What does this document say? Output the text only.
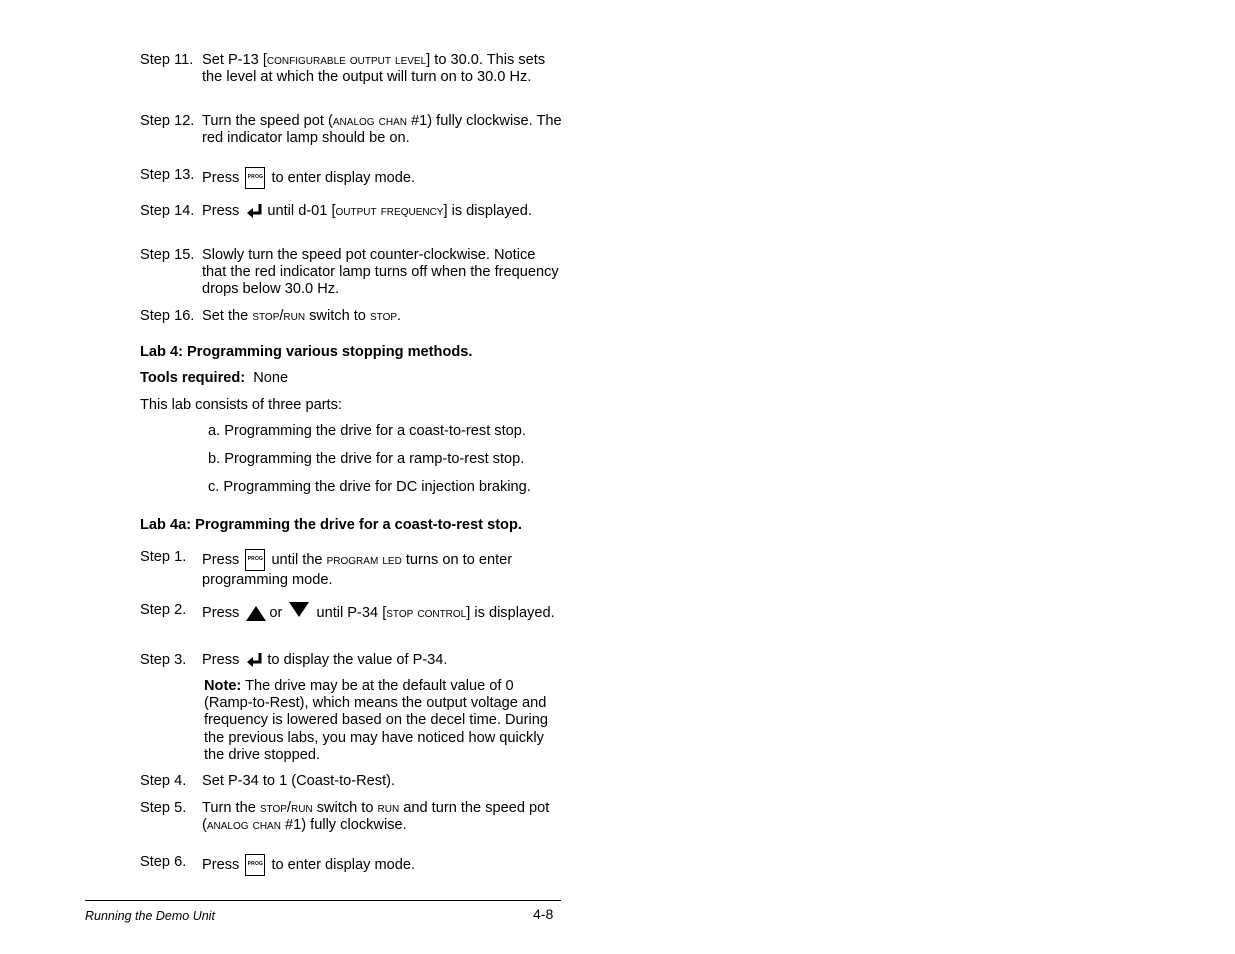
Step 11. Set P-13 [configurable output level] to 30.0. This sets the level at which the output will turn on to 30.0 Hz.
Step 12. Turn the speed pot (analog chan #1) fully clockwise. The red indicator lamp should be on.
Step 13. Press PROG to enter display mode.
Step 14. Press until d-01 [output frequency] is displayed.
Step 15. Slowly turn the speed pot counter-clockwise. Notice that the red indicator lamp turns off when the frequency drops below 30.0 Hz.
Step 16. Set the stop/run switch to stop.
Lab 4: Programming various stopping methods.
Tools required: None
This lab consists of three parts:
a. Programming the drive for a coast-to-rest stop.
b. Programming the drive for a ramp-to-rest stop.
c. Programming the drive for DC injection braking.
Lab 4a: Programming the drive for a coast-to-rest stop.
Step 1. Press PROG until the program led turns on to enter programming mode.
Step 2. Press or until P-34 [stop control] is displayed.
Step 3. Press to display the value of P-34.
Note: The drive may be at the default value of 0 (Ramp-to-Rest), which means the output voltage and frequency is lowered based on the decel time. During the previous labs, you may have noticed how quickly the drive stopped.
Step 4. Set P-34 to 1 (Coast-to-Rest).
Step 5. Turn the stop/run switch to run and turn the speed pot (analog chan #1) fully clockwise.
Step 6. Press PROG to enter display mode.
Running the Demo Unit	4-8
